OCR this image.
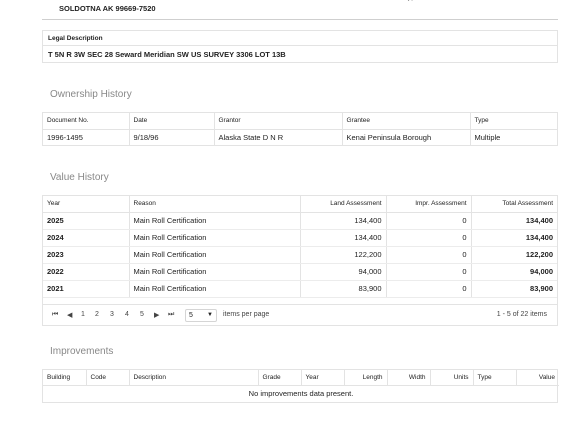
SOLDOTNA AK 99669-7520
Legal Description
T 5N R 3W SEC 28 Seward Meridian SW US SURVEY 3306 LOT 13B
Ownership History
Document No.	Date	Grantor	Grantee	Type
1996-1495	9/18/96	Alaska State D N R	Kenai Peninsula Borough	Multiple
Value History
Year	Reason	Land Assessment	Impr. Assessment	Total Assessment
2025	Main Roll Certification	134,400	0	134,400
2024	Main Roll Certification	134,400	0	134,400
2023	Main Roll Certification	122,200	0	122,200
2022	Main Roll Certification	94,000	0	94,000
2021	Main Roll Certification	83,900	0	83,900
⏮ ◀ 1 2 3 4 5 ▶ ⏭	5 ▼ items per page	1 - 5 of 22 items
Improvements
Building	Code	Description	Grade	Year	Length	Width	Units	Type	Value
No improvements data present.
